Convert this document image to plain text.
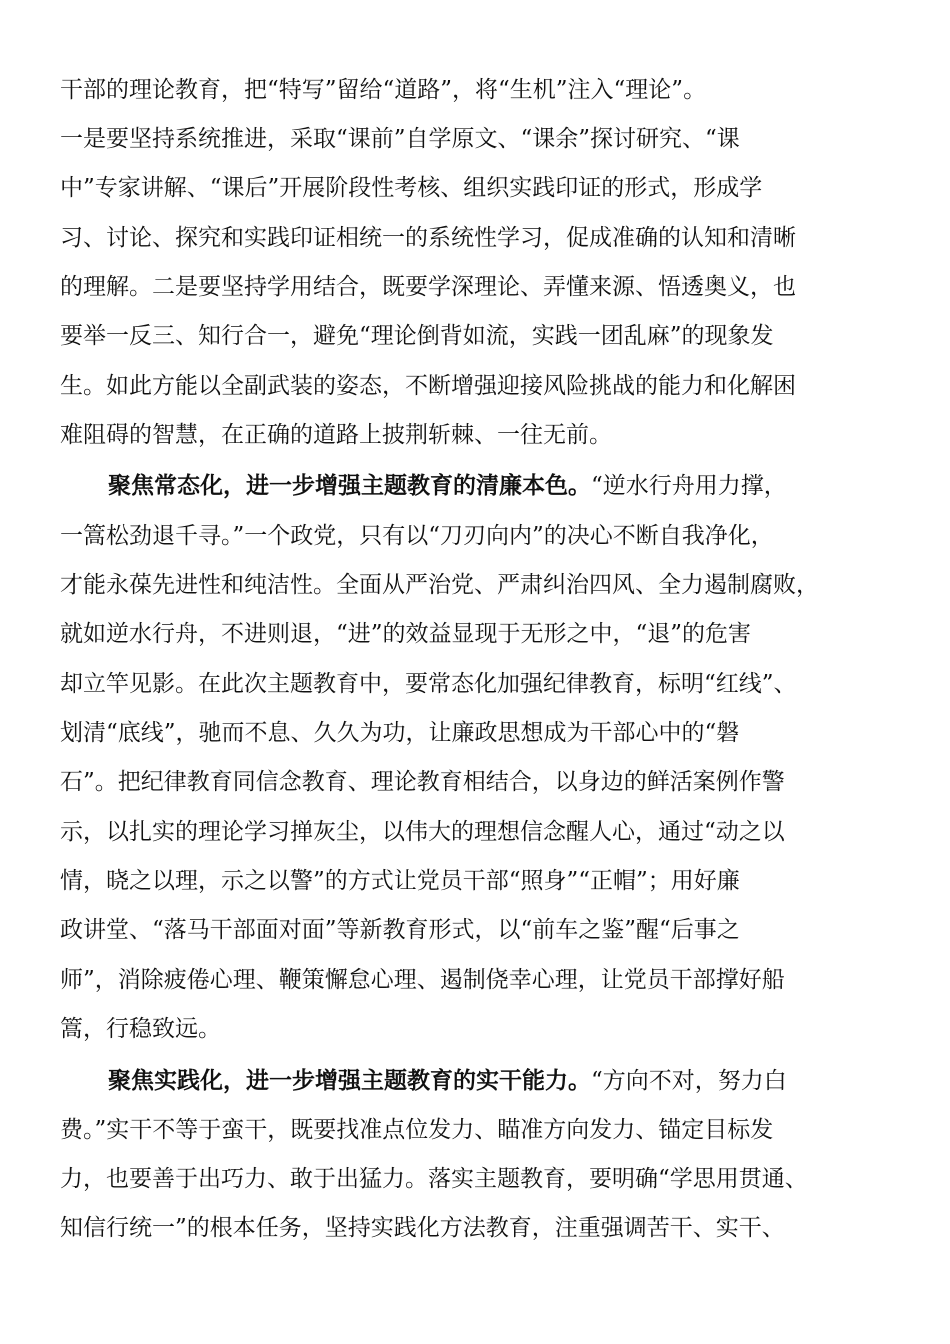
干部的理论教育，把“特写”留给“道路”，将“生机”注入“理论”。
一是要坚持系统推进，采取“课前”自学原文、“课余”探讨研究、“课
中”专家讲解、“课后”开展阶段性考核、组织实践印证的形式，形成学
习、讨论、探究和实践印证相统一的系统性学习，促成准确的认知和清晰
的理解。二是要坚持学用结合，既要学深理论、弄懂来源、悟透奥义，也
要举一反三、知行合一，避免“理论倒背如流，实践一团乱麻”的现象发
生。如此方能以全副武装的姿态，不断增强迎接风险挑战的能力和化解困
难阻碍的智慧，在正确的道路上披荆斩棘、一往无前。
聚焦常态化，进一步增强主题教育的清廉本色。“逆水行舟用力撑，
一篙松劲退千寻。”一个政党，只有以“刀刃向内”的决心不断自我净化，
才能永葆先进性和纯洁性。全面从严治党、严肃纠治四风、全力遏制腐败，
就如逆水行舟，不进则退，“进”的效益显现于无形之中，“退”的危害
却立竿见影。在此次主题教育中，要常态化加强纪律教育，标明“红线”、
划清“底线”，驰而不息、久久为功，让廉政思想成为干部心中的“磐
石”。把纪律教育同信念教育、理论教育相结合，以身边的鲜活案例作警
示，以扎实的理论学习掸灰尘，以伟大的理想信念醒人心，通过“动之以
情，晓之以理，示之以警”的方式让党员干部“照身”“正帽”；用好廉
政讲堂、“落马干部面对面”等新教育形式，以“前车之鉴”醒“后事之
师”，消除疲倦心理、鞭策懈怠心理、遏制侥幸心理，让党员干部撑好船
篙，行稳致远。
聚焦实践化，进一步增强主题教育的实干能力。“方向不对，努力白
费。”实干不等于蛮干，既要找准点位发力、瞄准方向发力、锚定目标发
力，也要善于出巧力、敢于出猛力。落实主题教育，要明确“学思用贯通、
知信行统一”的根本任务，坚持实践化方法教育，注重强调苦干、实干、
